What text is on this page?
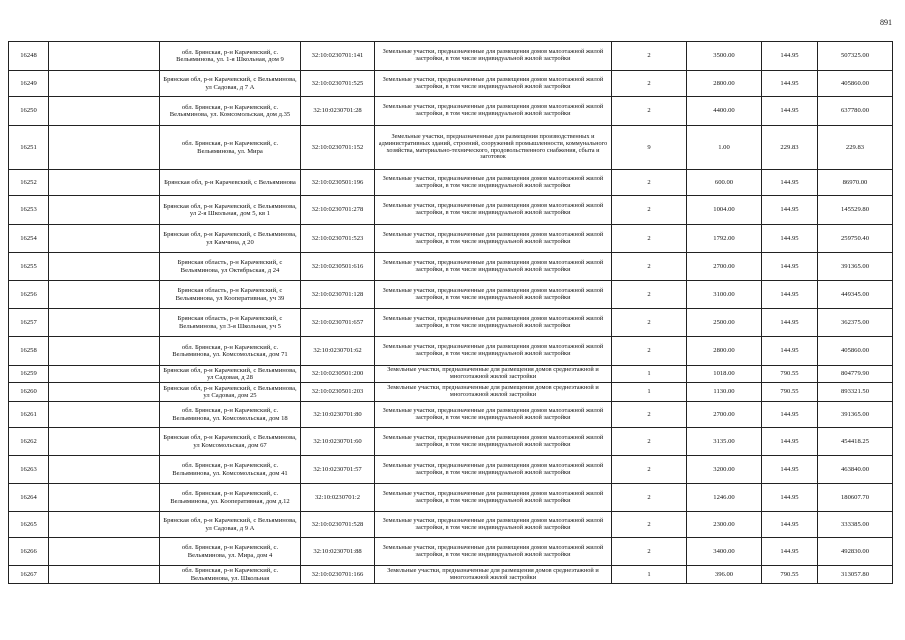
891
16248		обл. Брянская, р-н Карачевский, с. Вельяминова, ул. 1-я Школьная, дом 9	32:10:0230701:141	Земельные участки, предназначенные для размещения домов малоэтажной жилой застройки, в том числе индивидуальной жилой застройки	2	3500.00	144.95	507325.00
16249		Брянская обл, р-н Карачевский, с Вельяминова, ул Садовая, д 7 А	32:10:0230701:525	Земельные участки, предназначенные для размещения домов малоэтажной жилой застройки, в том числе индивидуальной жилой застройки	2	2800.00	144.95	405860.00
16250		обл. Брянская, р-н Карачевский, с. Вельяминова, ул. Комсомольская, дом д.35	32:10:0230701:28	Земельные участки, предназначенные для размещения домов малоэтажной жилой застройки, в том числе индивидуальной жилой застройки	2	4400.00	144.95	637780.00
16251		обл. Брянская, р-н Карачевский, с. Вельяминова, ул. Мира	32:10:0230701:152	Земельные участки, предназначенные для размещения производственных и административных зданий, строений, сооружений промышленности, коммунального хозяйства, материально-технического, продовольственного снабжения, сбыта и заготовок	9	1.00	229.83	229.83
16252		Брянская обл, р-н Карачевский, с Вельяминова	32:10:0230501:196	Земельные участки, предназначенные для размещения домов малоэтажной жилой застройки, в том числе индивидуальной жилой застройки	2	600.00	144.95	86970.00
16253		Брянская обл, р-н Карачевский, с Вельяминова, ул 2-я Школьная, дом 5, кв 1	32:10:0230701:278	Земельные участки, предназначенные для размещения домов малоэтажной жилой застройки, в том числе индивидуальной жилой застройки	2	1004.00	144.95	145529.80
16254		Брянская обл, р-н Карачевский, с Вельяминова, ул Камчина, д 20	32:10:0230701:523	Земельные участки, предназначенные для размещения домов малоэтажной жилой застройки, в том числе индивидуальной жилой застройки	2	1792.00	144.95	259750.40
16255		Брянская область, р-н Карачевский, с Вельяминова, ул Октябрьская, д 24	32:10:0230501:616	Земельные участки, предназначенные для размещения домов малоэтажной жилой застройки, в том числе индивидуальной жилой застройки	2	2700.00	144.95	391365.00
16256		Брянская область, р-н Карачевский, с Вельяминова, ул Кооперативная, уч 39	32:10:0230701:128	Земельные участки, предназначенные для размещения домов малоэтажной жилой застройки, в том числе индивидуальной жилой застройки	2	3100.00	144.95	449345.00
16257		Брянская область, р-н Карачевский, с Вельяминова, ул 3-я Школьная, уч 5	32:10:0230701:657	Земельные участки, предназначенные для размещения домов малоэтажной жилой застройки, в том числе индивидуальной жилой застройки	2	2500.00	144.95	362375.00
16258		обл. Брянская, р-н Карачевский, с. Вельяминова, ул. Комсомольская, дом 71	32:10:0230701:62	Земельные участки, предназначенные для размещения домов малоэтажной жилой застройки, в том числе индивидуальной жилой застройки	2	2800.00	144.95	405860.00
16259		Брянская обл, р-н Карачевский, с Вельяминова, ул Садовая, д 28	32:10:0230501:200	Земельные участки, предназначенные для размещения домов среднеэтажной и многоэтажной жилой застройки	1	1018.00	790.55	804779.90
16260		Брянская обл, р-н Карачевский, с Вельяминова, ул Садовая, дом 25	32:10:0230501:203	Земельные участки, предназначенные для размещения домов среднеэтажной и многоэтажной жилой застройки	1	1130.00	790.55	893321.50
16261		обл. Брянская, р-н Карачевский, с. Вельяминова, ул. Комсомольская, дом 18	32:10:0230701:80	Земельные участки, предназначенные для размещения домов малоэтажной жилой застройки, в том числе индивидуальной жилой застройки	2	2700.00	144.95	391365.00
16262		Брянская обл, р-н Карачевский, с Вельяминова, ул Комсомольская, дом 67	32:10:0230701:60	Земельные участки, предназначенные для размещения домов малоэтажной жилой застройки, в том числе индивидуальной жилой застройки	2	3135.00	144.95	454418.25
16263		обл. Брянская, р-н Карачевский, с. Вельяминова, ул. Комсомольская, дом 41	32:10:0230701:57	Земельные участки, предназначенные для размещения домов малоэтажной жилой застройки, в том числе индивидуальной жилой застройки	2	3200.00	144.95	463840.00
16264		обл. Брянская, р-н Карачевский, с. Вельяминова, ул. Кооперативная, дом д.12	32:10:0230701:2	Земельные участки, предназначенные для размещения домов малоэтажной жилой застройки, в том числе индивидуальной жилой застройки	2	1246.00	144.95	180607.70
16265		Брянская обл, р-н Карачевский, с Вельяминова, ул Садовая, д 9 А	32:10:0230701:528	Земельные участки, предназначенные для размещения домов малоэтажной жилой застройки, в том числе индивидуальной жилой застройки	2	2300.00	144.95	333385.00
16266		обл. Брянская, р-н Карачевский, с. Вельяминова, ул. Мира, дом 4	32:10:0230701:88	Земельные участки, предназначенные для размещения домов малоэтажной жилой застройки, в том числе индивидуальной жилой застройки	2	3400.00	144.95	492830.00
16267		обл. Брянская, р-н Карачевский, с. Вельяминова, ул. Школьная	32:10:0230701:166	Земельные участки, предназначенные для размещения домов среднеэтажной и многоэтажной жилой застройки	1	396.00	790.55	313057.80
